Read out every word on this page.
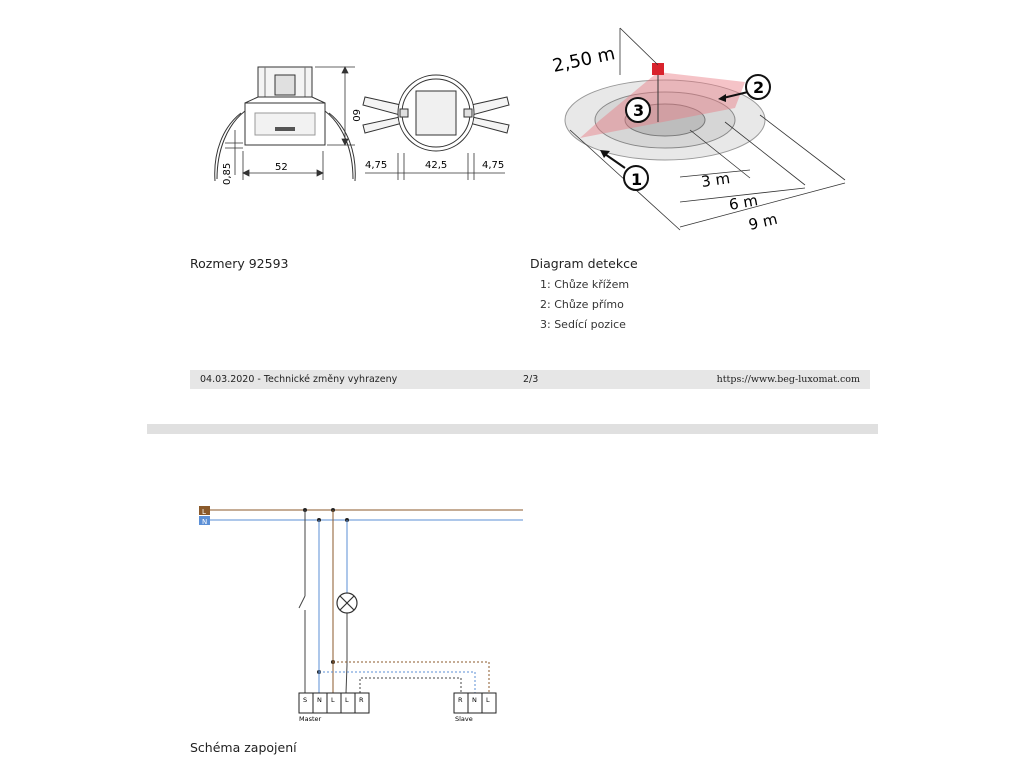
60
0,85	52	4,75	42,5	4,75
Rozmery 92593
2,50 m
3 m
6 m
9 m
1
2
3
Diagram detekce
1: Chůze křížem
2: Chůze přímo
3: Sedící pozice
04.03.2020 - Technické změny vyhrazeny	2/3	https://www.beg-luxomat.com
L
N
S N L L R
Master
R N L
Slave
Schéma zapojení
